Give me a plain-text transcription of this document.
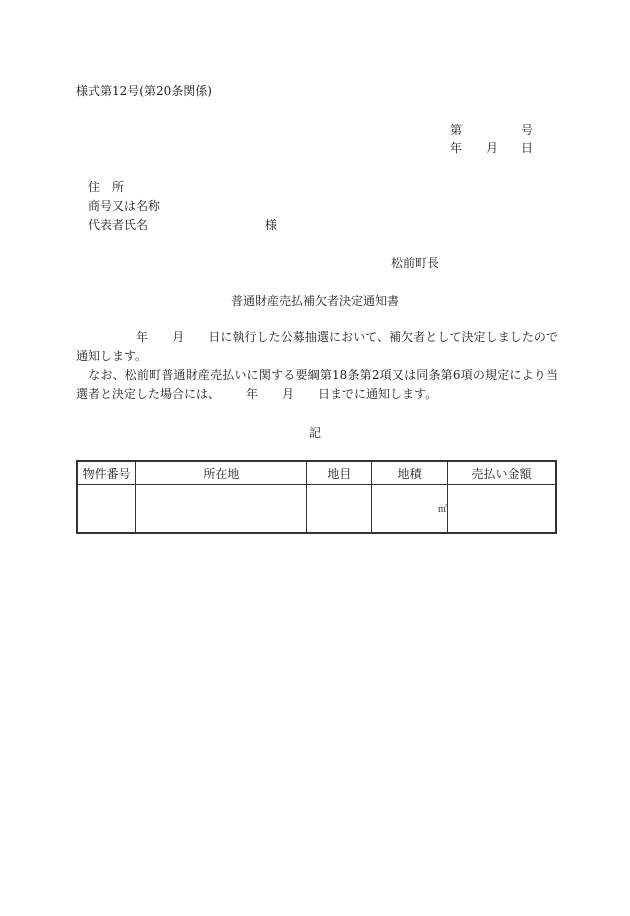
様式第12号(第20条関係)
第	号
年 月 日
住　所
商号又は名称
代表者氏名	様
松前町長
普通財産売払補欠者決定通知書
年 月 日に執行した公募抽選において、補欠者として決定しましたので通知します。
なお、松前町普通財産売払いに関する要綱第18条第2項又は同条第6項の規定により当選者と決定した場合には、 年 月 日までに通知します。
記
物件番号	所在地	地目	地積	売払い金額
			㎡	
